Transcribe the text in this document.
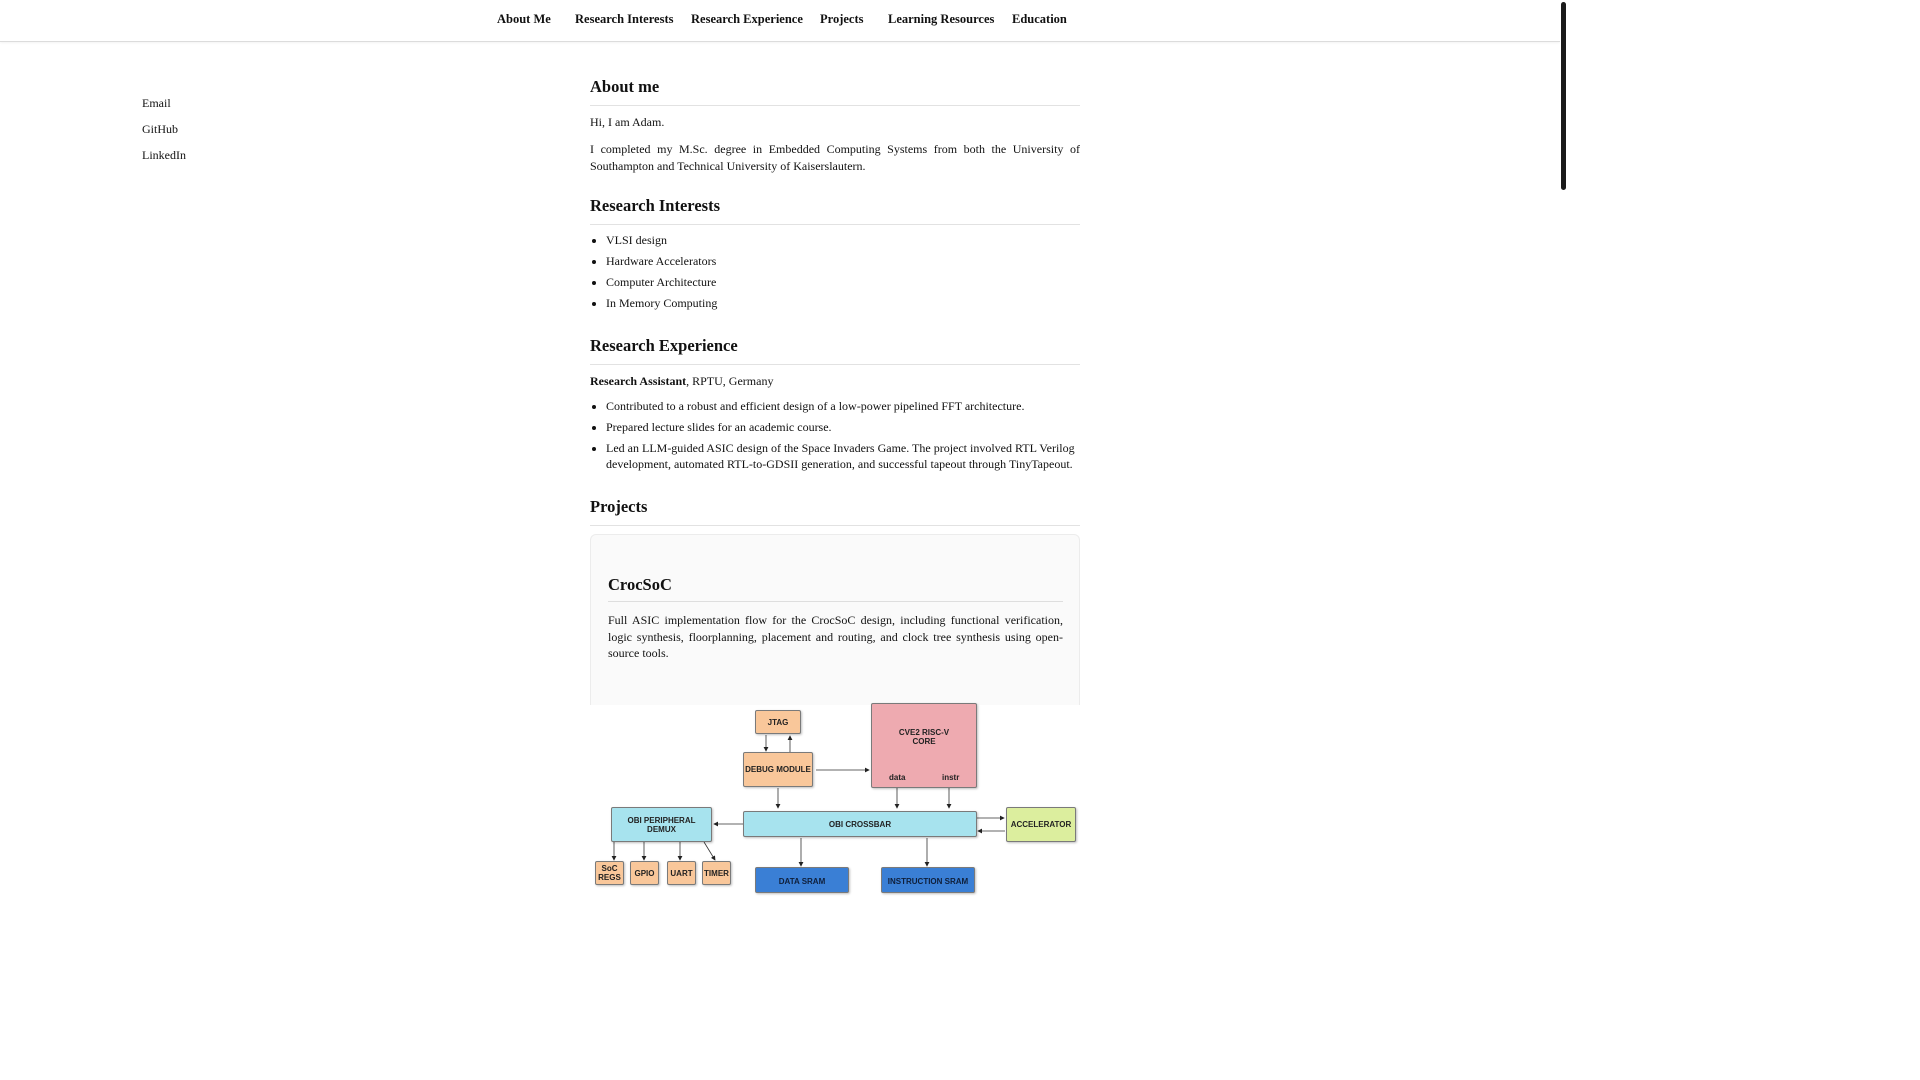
About Me Research Interests Research Experience Projects Learning Resources Education
Email
GitHub
LinkedIn
About me

Hi, I am Adam.

I completed my M.Sc. degree in Embedded Computing Systems from both the University of Southampton and Technical University of Kaiserslautern.

Research Interests
• VLSI design
• Hardware Accelerators
• Computer Architecture
• In Memory Computing
Research Experience

Research Assistant, RPTU, Germany

• Contributed to a robust and efficient design of a low-power pipelined FFT architecture.
• Prepared lecture slides for an academic course.
• Led an LLM-guided ASIC design of the Space Invaders Game. The project involved RTL Verilog development, automated RTL-to-GDSII generation, and successful tapeout through TinyTapeout.
Projects
CrocSoC

Full ASIC implementation flow for the CrocSoC design, including functional verification, logic synthesis, floorplanning, placement and routing, and clock tree synthesis using open-source tools.

JTAG
CVE2 RISC-V CORE
data	instr
DEBUG MODULE
OBI PERIPHERAL DEMUX
OBI CROSSBAR	ACCELERATOR
SoC REGS	GPIO	UART	TIMER
DATA SRAM	INSTRUCTION SRAM
